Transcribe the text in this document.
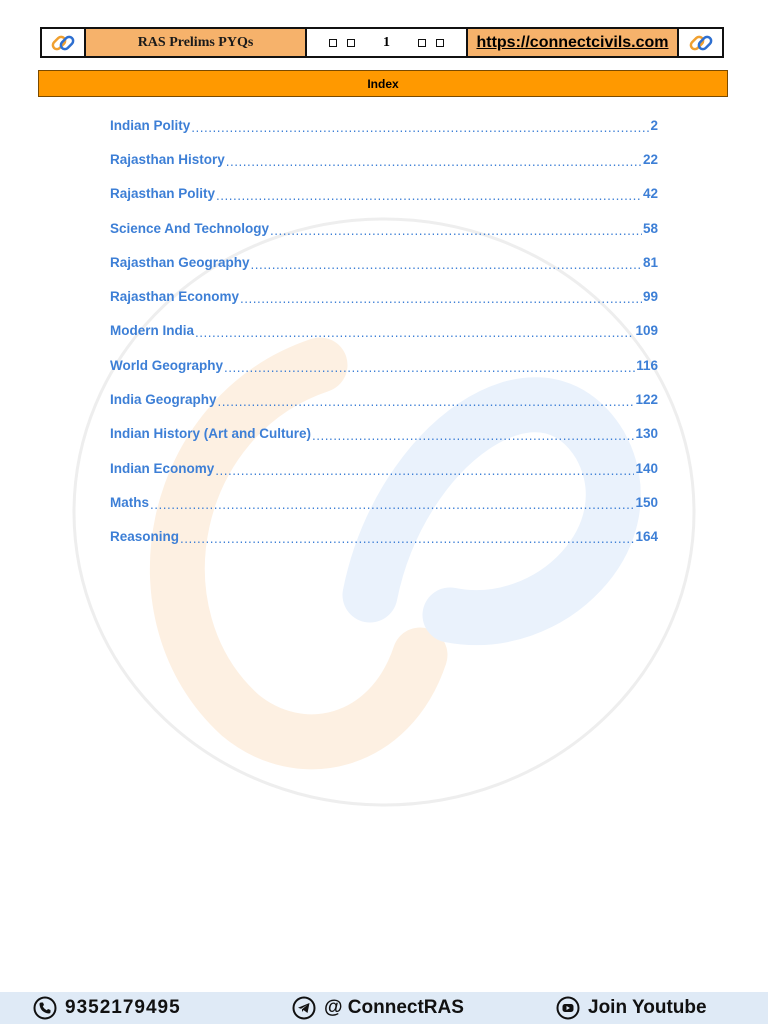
RAS Prelims PYQs	1	https://connectcivils.com
Index
Indian Polity .....	2
Rajasthan History .....	22
Rajasthan Polity .....	42
Science And Technology .....	58
Rajasthan Geography .....	81
Rajasthan Economy .....	99
Modern India .....	109
World Geography .....	116
India Geography .....	122
Indian History (Art and Culture) .....	130
Indian Economy .....	140
Maths .....	150
Reasoning .....	164
9352179495	@ ConnectRAS	Join Youtube
